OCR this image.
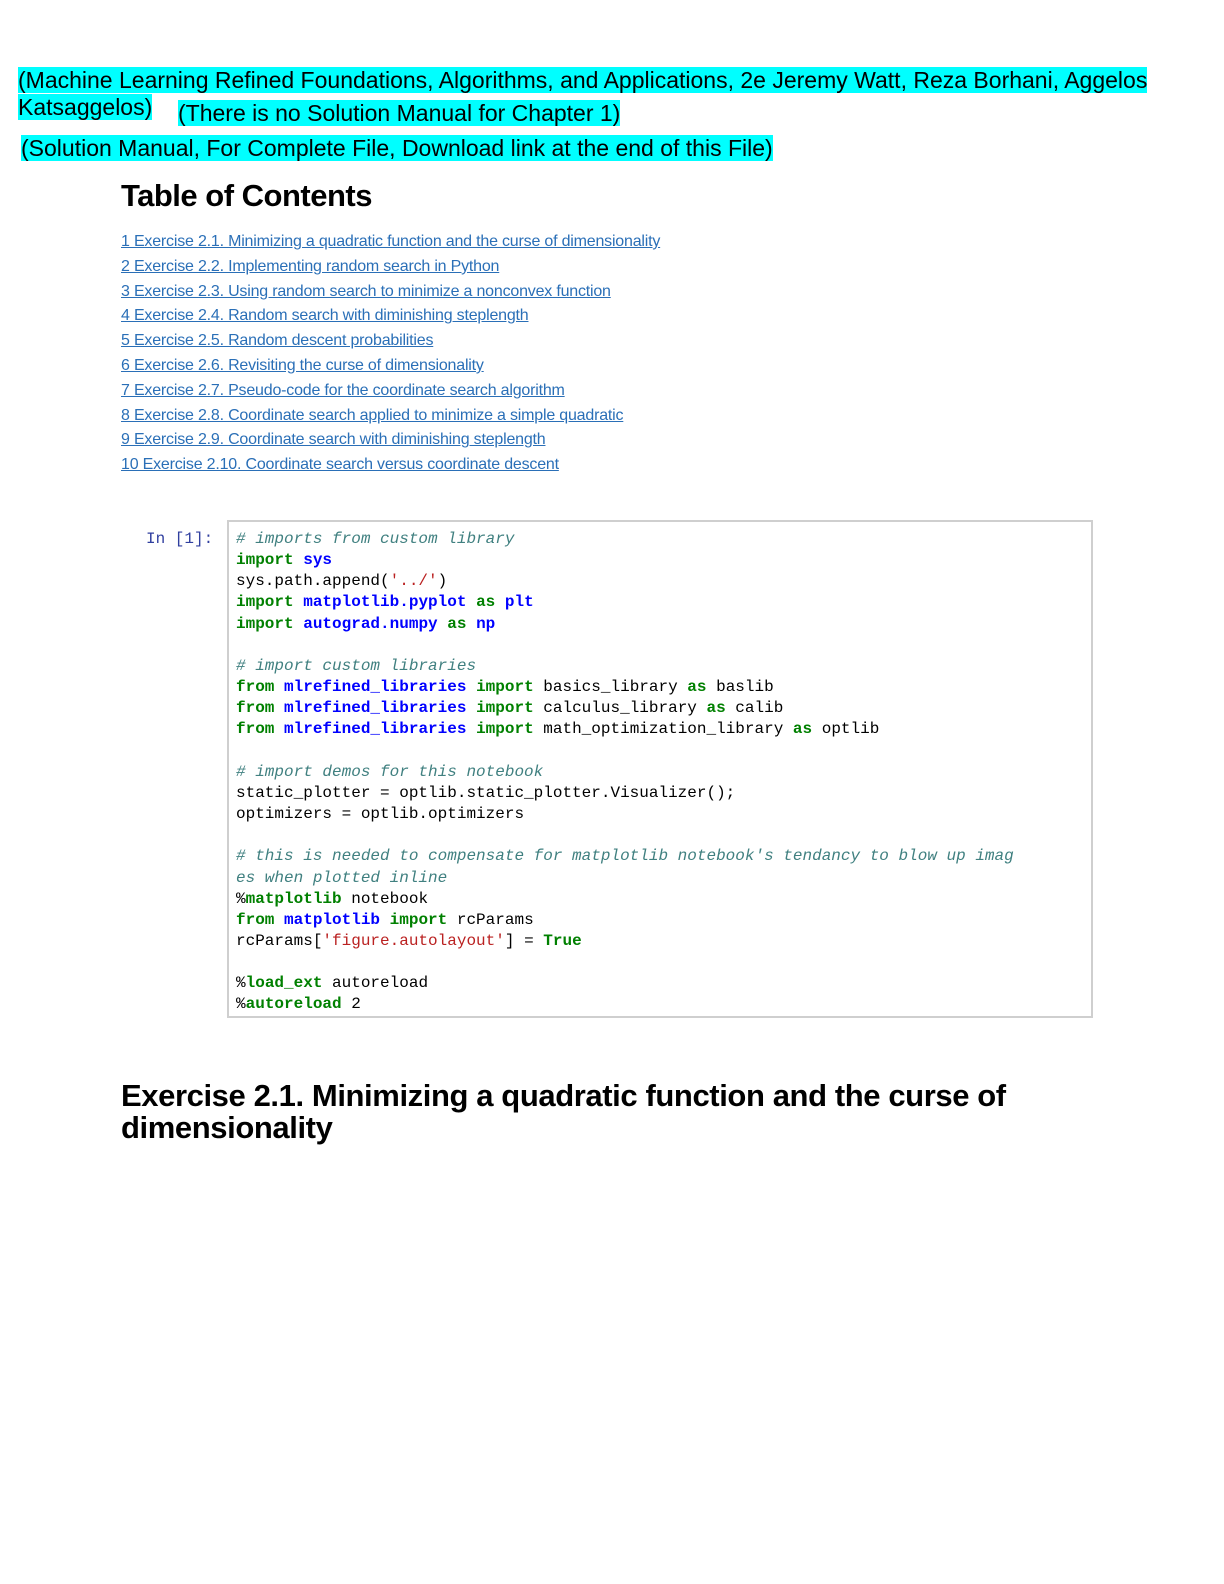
(Machine Learning Refined Foundations, Algorithms, and Applications, 2e Jeremy Watt, Reza Borhani, Aggelos Katsaggelos)	(There is no Solution Manual for Chapter 1)
(Solution Manual, For Complete File, Download link at the end of this File)
Table of Contents
1 Exercise 2.1. Minimizing a quadratic function and the curse of dimensionality
2 Exercise 2.2. Implementing random search in Python
3 Exercise 2.3. Using random search to minimize a nonconvex function
4 Exercise 2.4. Random search with diminishing steplength
5 Exercise 2.5. Random descent probabilities
6 Exercise 2.6. Revisiting the curse of dimensionality
7 Exercise 2.7. Pseudo-code for the coordinate search algorithm
8 Exercise 2.8. Coordinate search applied to minimize a simple quadratic
9 Exercise 2.9. Coordinate search with diminishing steplength
10 Exercise 2.10. Coordinate search versus coordinate descent
In [1]: # imports from custom library
import sys
sys.path.append('../')
import matplotlib.pyplot as plt
import autograd.numpy as np

# import custom libraries
from mlrefined_libraries import basics_library as baslib
from mlrefined_libraries import calculus_library as calib
from mlrefined_libraries import math_optimization_library as optlib

# import demos for this notebook
static_plotter = optlib.static_plotter.Visualizer();
optimizers = optlib.optimizers

# this is needed to compensate for matplotlib notebook's tendancy to blow up imag
es when plotted inline
%matplotlib notebook
from matplotlib import rcParams
rcParams['figure.autolayout'] = True

%load_ext autoreload
%autoreload 2
Exercise 2.1. Minimizing a quadratic function and the curse of dimensionality
